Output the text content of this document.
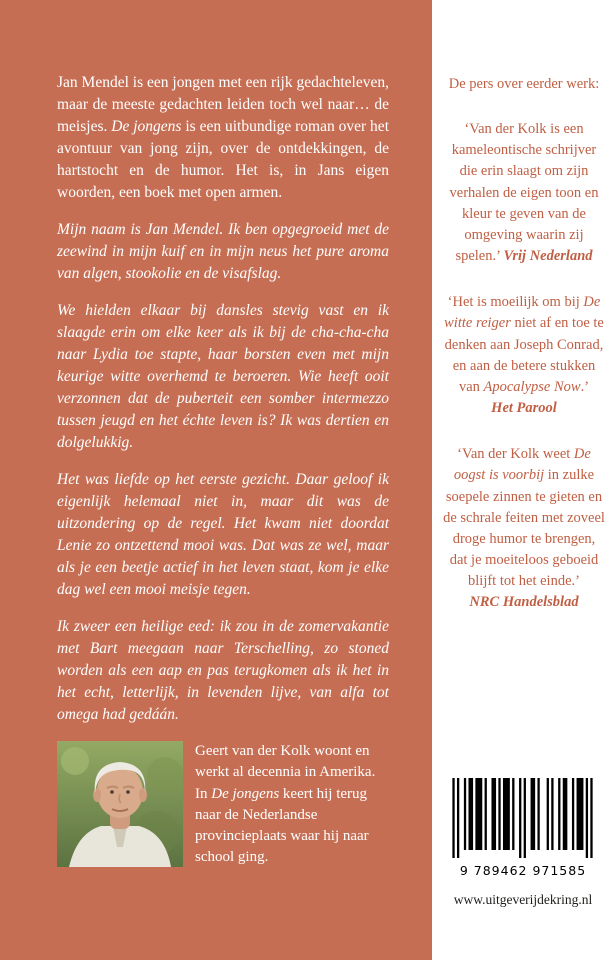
Jan Mendel is een jongen met een rijk gedachteleven, maar de meeste gedachten leiden toch wel naar… de meisjes. De jongens is een uitbundige roman over het avontuur van jong zijn, over de ontdekkingen, de hartstocht en de humor. Het is, in Jans eigen woorden, een boek met open armen.

Mijn naam is Jan Mendel. Ik ben opgegroeid met de zeewind in mijn kuif en in mijn neus het pure aroma van algen, stookolie en de visafslag.

We hielden elkaar bij dansles stevig vast en ik slaagde erin om elke keer als ik bij de cha-cha-cha naar Lydia toe stapte, haar borsten even met mijn keurige witte overhemd te beroeren. Wie heeft ooit verzonnen dat de puberteit een somber intermezzo tussen jeugd en het échte leven is? Ik was dertien en dolgelukkig.

Het was liefde op het eerste gezicht. Daar geloof ik eigenlijk helemaal niet in, maar dit was de uitzondering op de regel. Het kwam niet doordat Lenie zo ontzettend mooi was. Dat was ze wel, maar als je een beetje actief in het leven staat, kom je elke dag wel een mooi meisje tegen.

Ik zweer een heilige eed: ik zou in de zomervakantie met Bart meegaan naar Terschelling, zo stoned worden als een aap en pas terugkomen als ik het in het echt, letterlijk, in levenden lijve, van alfa tot omega had gedáán.

Geert van der Kolk woont en werkt al decennia in Amerika. In De jongens keert hij terug naar de Nederlandse provincieplaats waar hij naar school ging.

De pers over eerder werk:

‘Van der Kolk is een kameleontische schrijver die erin slaagt om zijn verhalen de eigen toon en kleur te geven van de omgeving waarin zij spelen.’ Vrij Nederland

‘Het is moeilijk om bij De witte reiger niet af en toe te denken aan Joseph Conrad, en aan de betere stukken van Apocalypse Now.’
Het Parool

‘Van der Kolk weet De oogst is voorbij in zulke soepele zinnen te gieten en de schrale feiten met zoveel droge humor te brengen, dat je moeiteloos geboeid blijft tot het einde.’
NRC Handelsblad

9 789462 971585
www.uitgeverijdekring.nl
